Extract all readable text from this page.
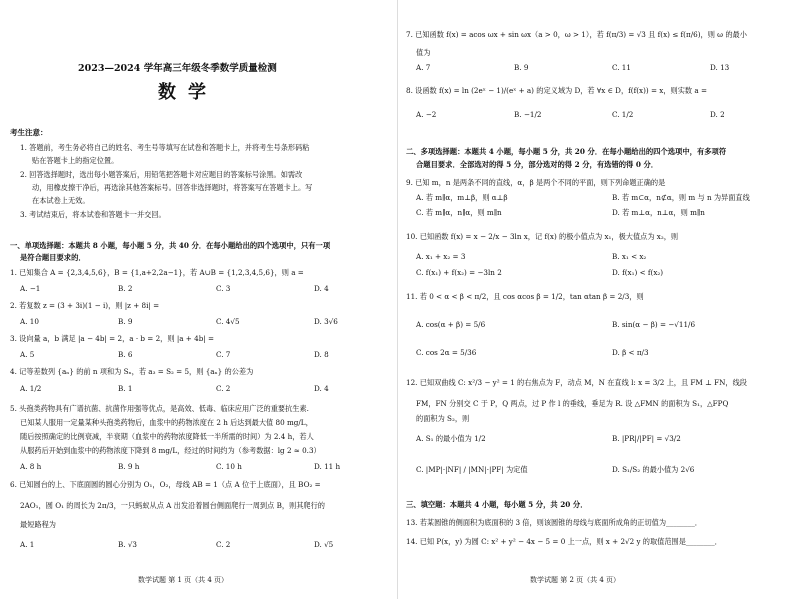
2023—2024 学年高三年级冬季数学质量检测
数学
考生注意：
1. 答题前，考生务必将自己的姓名、考生号等填写在试卷和答题卡上，并将考生号条形码粘
贴在答题卡上的指定位置。
2. 回答选择题时，选出每小题答案后，用铅笔把答题卡对应题目的答案标号涂黑。如需改
动，用橡皮擦干净后，再选涂其他答案标号。回答非选择题时，将答案写在答题卡上。写
在本试卷上无效。
3. 考试结束后，将本试卷和答题卡一并交回。
一、单项选择题：本题共 8 小题，每小题 5 分，共 40 分．在每小题给出的四个选项中，只有一项
是符合题目要求的．
1. 已知集合 A = {2,3,4,5,6}，B = {1,a+2,2a−1}，若 A∪B = {1,2,3,4,5,6}，则 a =
A. −1	B. 2	C. 3	D. 4
2. 若复数 z = (3 + 3i)(1 − i)，则 |z + 8i| =
A. 10	B. 9	C. 4√5	D. 3√6
3. 设向量 a，b 满足 |a − 4b| = 2，a · b = 2，则 |a + 4b| =
A. 5	B. 6	C. 7	D. 8
4. 记等差数列 {aₙ} 的前 n 项和为 Sₙ，若 a₃ = S₂ = 5，则 {aₙ} 的公差为
A. 1/2	B. 1	C. 2	D. 4
5. 头孢类药物具有广谱抗菌、抗菌作用强等优点，是高效、低毒、临床应用广泛的重要抗生素.
已知某人服用一定量某种头孢类药物后，血浆中的药物浓度在 2 h 后达到最大值 80 mg/L，
随后按照确定的比例衰减，半衰期（血浆中的药物浓度降低一半所需的时间）为 2.4 h，若人
从服药后开始到血浆中的药物浓度下降到 8 mg/L，经过的时间约为（参考数据：lg 2 ≈ 0.3）
A. 8 h	B. 9 h	C. 10 h	D. 11 h
6. 已知圆台的上、下底面圆的圆心分别为 O₁，O₂，母线 AB = 1（点 A 位于上底面），且 BO₂ =
2AO₁，圆 O₁ 的周长为 2π/3，一只蚂蚁从点 A 出发沿着圆台侧面爬行一周到点 B，则其爬行的
最短路程为
A. 1	B. √3	C. 2	D. √5
数学试题 第 1 页（共 4 页）
7. 已知函数 f(x) = acos ωx + sin ωx（a > 0，ω > 1），若 f(π/3) = √3 且 f(x) ≤ f(π/6)，则 ω 的最小
值为
A. 7	B. 9	C. 11	D. 13
8. 设函数 f(x) = ln (2eˣ − 1)/(eˣ + a) 的定义域为 D，若 ∀x ∈ D，f(f(x)) = x，则实数 a =
A. −2	B. −1/2	C. 1/2	D. 2
二、多项选择题：本题共 4 小题，每小题 5 分，共 20 分．在每小题给出的四个选项中，有多项符
合题目要求．全部选对的得 5 分，部分选对的得 2 分，有选错的得 0 分．
9. 已知 m，n 是两条不同的直线，α，β 是两个不同的平面，则下列命题正确的是
A. 若 m∥α，m⊥β，则 α⊥β	B. 若 m⊂α，n⊄α，则 m 与 n 为异面直线
C. 若 m∥α，n∥α，则 m∥n	D. 若 m⊥α，n⊥α，则 m∥n
10. 已知函数 f(x) = x − 2/x − 3ln x，记 f(x) 的极小值点为 x₁，极大值点为 x₂，则
A. x₁ + x₂ = 3	B. x₁ < x₂
C. f(x₁) + f(x₂) = −3ln 2	D. f(x₁) < f(x₂)
11. 若 0 < α < β < π/2，且 cos αcos β = 1/2，tan αtan β = 2/3，则
A. cos(α + β) = 5/6	B. sin(α − β) = −√11/6
C. cos 2α = 5/36	D. β < π/3
12. 已知双曲线 C: x²/3 − y² = 1 的右焦点为 F，动点 M，N 在直线 l: x = 3/2 上，且 FM ⊥ FN，线段
FM，FN 分别交 C 于 P，Q 两点，过 P 作 l 的垂线，垂足为 R. 设 △FMN 的面积为 S₁，△FPQ
的面积为 S₂，则
A. S₁ 的最小值为 1/2	B. |PR|/|PF| = √3/2
C. |MP|·|NF| / |MN|·|PF| 为定值	D. S₁/S₂ 的最小值为 2√6
三、填空题：本题共 4 小题，每小题 5 分，共 20 分．
13. 若某圆锥的侧面积为底面积的 3 倍，则该圆锥的母线与底面所成角的正切值为________．
14. 已知 P(x，y) 为圆 C: x² + y² − 4x − 5 = 0 上一点，则 x + 2√2 y 的取值范围是________．
数学试题 第 2 页（共 4 页）
